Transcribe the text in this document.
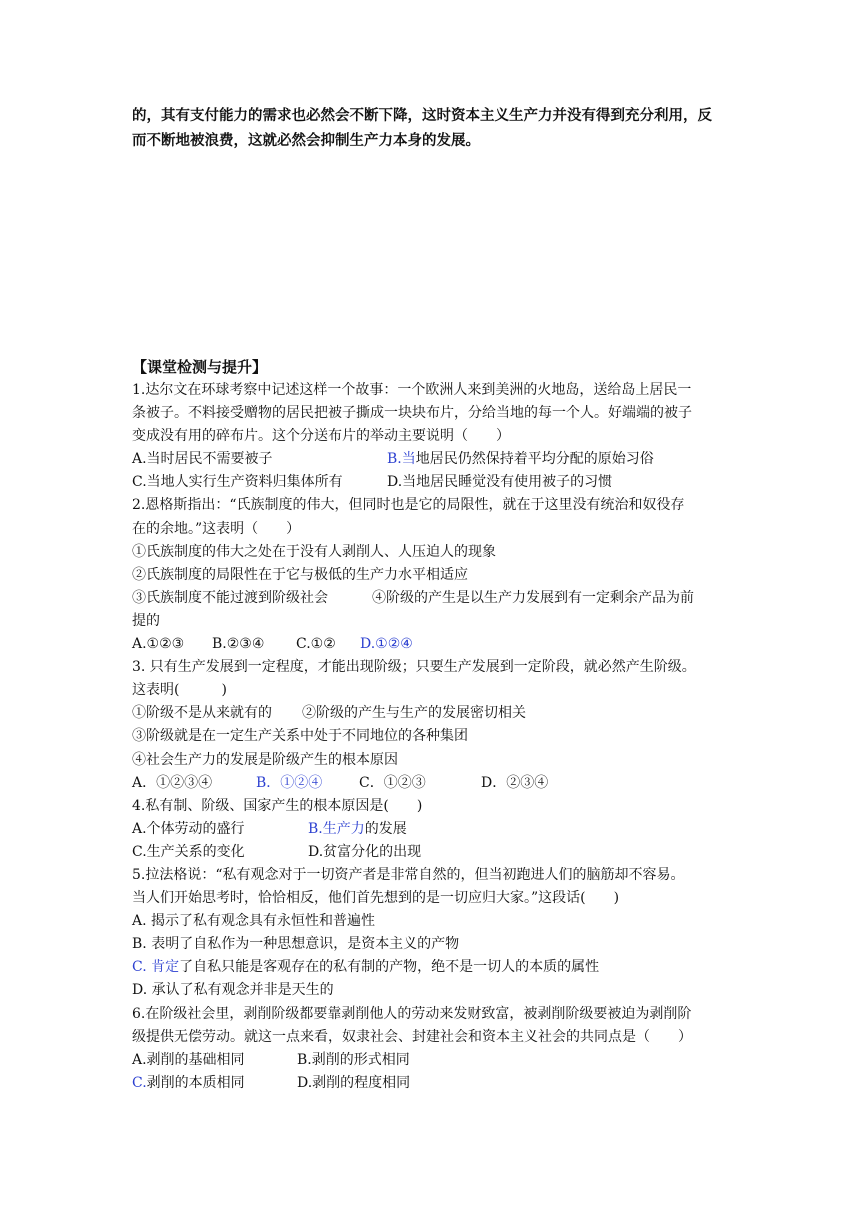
的，其有支付能力的需求也必然会不断下降，这时资本主义生产力并没有得到充分利用，反

而不断地被浪费，这就必然会抑制生产力本身的发展。

【课堂检测与提升】
1.达尔文在环球考察中记述这样一个故事：一个欧洲人来到美洲的火地岛，送给岛上居民一
条被子。不料接受赠物的居民把被子撕成一块块布片，分给当地的每一个人。好端端的被子
变成没有用的碎布片。这个分送布片的举动主要说明（　　）
A.当时居民不需要被子	B.当地居民仍然保持着平均分配的原始习俗
C.当地人实行生产资料归集体所有	D.当地居民睡觉没有使用被子的习惯
2.恩格斯指出：“氏族制度的伟大，但同时也是它的局限性，就在于这里没有统治和奴役存
在的余地。”这表明（　　）
①氏族制度的伟大之处在于没有人剥削人、人压迫人的现象
②氏族制度的局限性在于它与极低的生产力水平相适应
③氏族制度不能过渡到阶级社会	④阶级的产生是以生产力发展到有一定剩余产品为前
提的
A.①②③ B.②③④ C.①② D.①②④
3. 只有生产发展到一定程度，才能出现阶级；只要生产发展到一定阶段，就必然产生阶级。
这表明(　　　)
①阶级不是从来就有的 ②阶级的产生与生产的发展密切相关
③阶级就是在一定生产关系中处于不同地位的各种集团
④社会生产力的发展是阶级产生的根本原因
A．①②③④	B．①②④	C．①②③	D．②③④
4.私有制、阶级、国家产生的根本原因是(　　)
A.个体劳动的盛行	B.生产力的发展
C.生产关系的变化	D.贫富分化的出现
5.拉法格说：“私有观念对于一切资产者是非常自然的，但当初跑进人们的脑筋却不容易。
当人们开始思考时，恰恰相反，他们首先想到的是一切应归大家。”这段话(　　)
A. 揭示了私有观念具有永恒性和普遍性
B. 表明了自私作为一种思想意识，是资本主义的产物
C. 肯定了自私只能是客观存在的私有制的产物，绝不是一切人的本质的属性
D. 承认了私有观念并非是天生的
6.在阶级社会里，剥削阶级都要靠剥削他人的劳动来发财致富，被剥削阶级要被迫为剥削阶
级提供无偿劳动。就这一点来看，奴隶社会、封建社会和资本主义社会的共同点是（　　）
A.剥削的基础相同	B.剥削的形式相同
C.剥削的本质相同	D.剥削的程度相同
